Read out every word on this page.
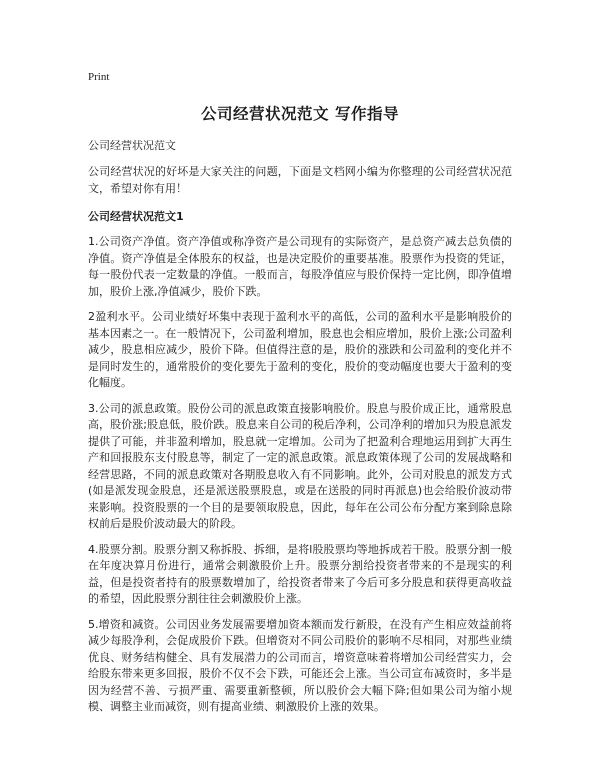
Print
公司经营状况范文 写作指导
公司经营状况范文
公司经营状况的好坏是大家关注的问题，下面是文档网小编为你整理的公司经营状况范文，希望对你有用！
公司经营状况范文1
1.公司资产净值。资产净值或称净资产是公司现有的实际资产，是总资产减去总负债的净值。资产净值是全体股东的权益，也是决定股价的重要基准。股票作为投资的凭证，每一股份代表一定数量的净值。一般而言，每股净值应与股价保持一定比例，即净值增加，股价上涨,净值减少，股价下跌。
2盈利水平。公司业绩好坏集中表现于盈利水平的高低，公司的盈利水平是影响股价的基本因素之一。在一般情况下，公司盈利增加，股息也会相应增加，股价上涨;公司盈利减少，股息相应减少，股价下降。但值得注意的是，股价的涨跌和公司盈利的变化并不是同时发生的，通常股价的变化要先于盈利的变化，股价的变动幅度也要大于盈利的变化幅度。
3.公司的派息政策。股份公司的派息政策直接影响股价。股息与股价成正比，通常股息高，股价涨;股息低，股价跌。股息来自公司的税后净利，公司净利的增加只为股息派发提供了可能，并非盈利增加，股息就一定增加。公司为了把盈利合理地运用到扩大再生产和回报股东支付股息等，制定了一定的派息政策。派息政策体现了公司的发展战略和经营思路，不同的派息政策对各期股息收入有不同影响。此外，公司对股息的派发方式(如是派发现金股息，还是派送股票股息，或是在送股的同时再派息)也会给股价波动带来影响。投资股票的一个目的是要领取股息，因此，每年在公司公布分配方案到除息除权前后是股价波动最大的阶段。
4.股票分割。股票分割又称拆股、拆细，是将l股股票均等地拆成若干股。股票分割一般在年度决算月份进行，通常会刺激股价上升。股票分割给投资者带来的不是现实的利益，但是投资者持有的股票数增加了，给投资者带来了今后可多分股息和获得更高收益的希望，因此股票分割往往会刺激股价上涨。
5.增资和减资。公司因业务发展需要增加资本额而发行新股，在没有产生相应效益前将减少每股净利，会促成股价下跌。但增资对不同公司股价的影响不尽相同，对那些业绩优良、财务结构健全、具有发展潜力的公司而言，增资意味着将增加公司经营实力，会给股东带来更多回报，股价不仅不会下跌，可能还会上涨。当公司宣布减资时，多半是因为经营不善、亏损严重、需要重新整顿，所以股价会大幅下降;但如果公司为缩小规模、调整主业而减资，则有提高业绩、刺激股价上涨的效果。
